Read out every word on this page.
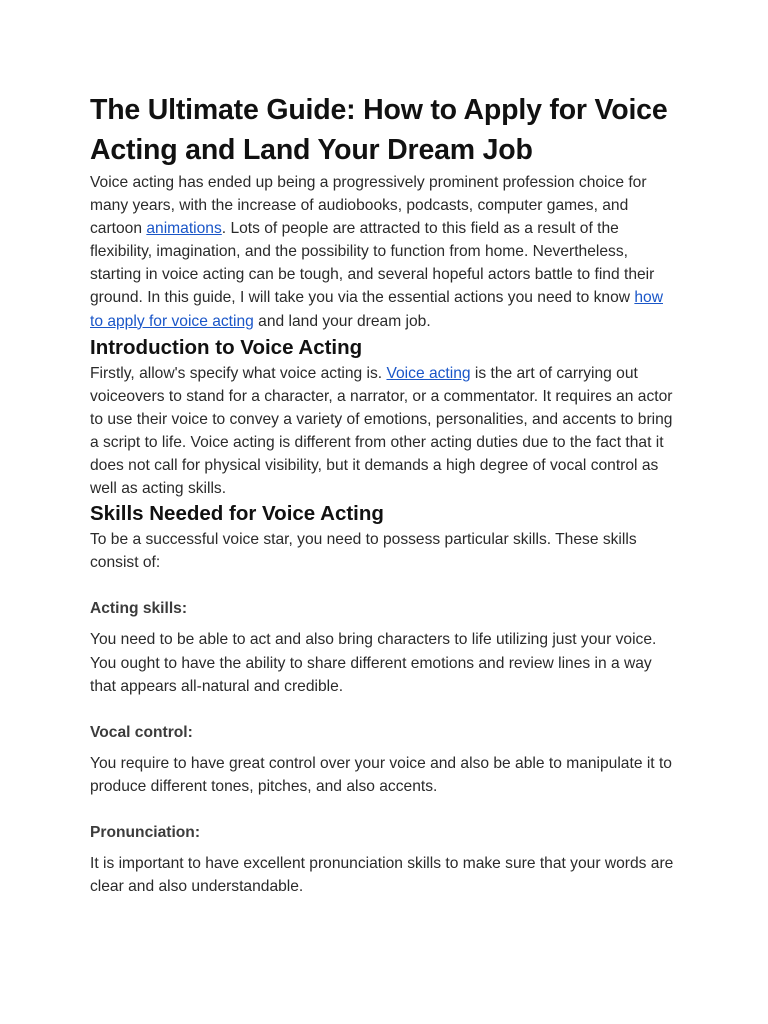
The Ultimate Guide: How to Apply for Voice Acting and Land Your Dream Job

Voice acting has ended up being a progressively prominent profession choice for many years, with the increase of audiobooks, podcasts, computer games, and cartoon animations. Lots of people are attracted to this field as a result of the flexibility, imagination, and the possibility to function from home. Nevertheless, starting in voice acting can be tough, and several hopeful actors battle to find their ground. In this guide, I will take you via the essential actions you need to know how to apply for voice acting and land your dream job.

Introduction to Voice Acting

Firstly, allow's specify what voice acting is. Voice acting is the art of carrying out voiceovers to stand for a character, a narrator, or a commentator. It requires an actor to use their voice to convey a variety of emotions, personalities, and accents to bring a script to life. Voice acting is different from other acting duties due to the fact that it does not call for physical visibility, but it demands a high degree of vocal control as well as acting skills.

Skills Needed for Voice Acting

To be a successful voice star, you need to possess particular skills. These skills consist of:

Acting skills:

You need to be able to act and also bring characters to life utilizing just your voice. You ought to have the ability to share different emotions and review lines in a way that appears all-natural and credible.

Vocal control:

You require to have great control over your voice and also be able to manipulate it to produce different tones, pitches, and also accents.

Pronunciation:

It is important to have excellent pronunciation skills to make sure that your words are clear and also understandable.
